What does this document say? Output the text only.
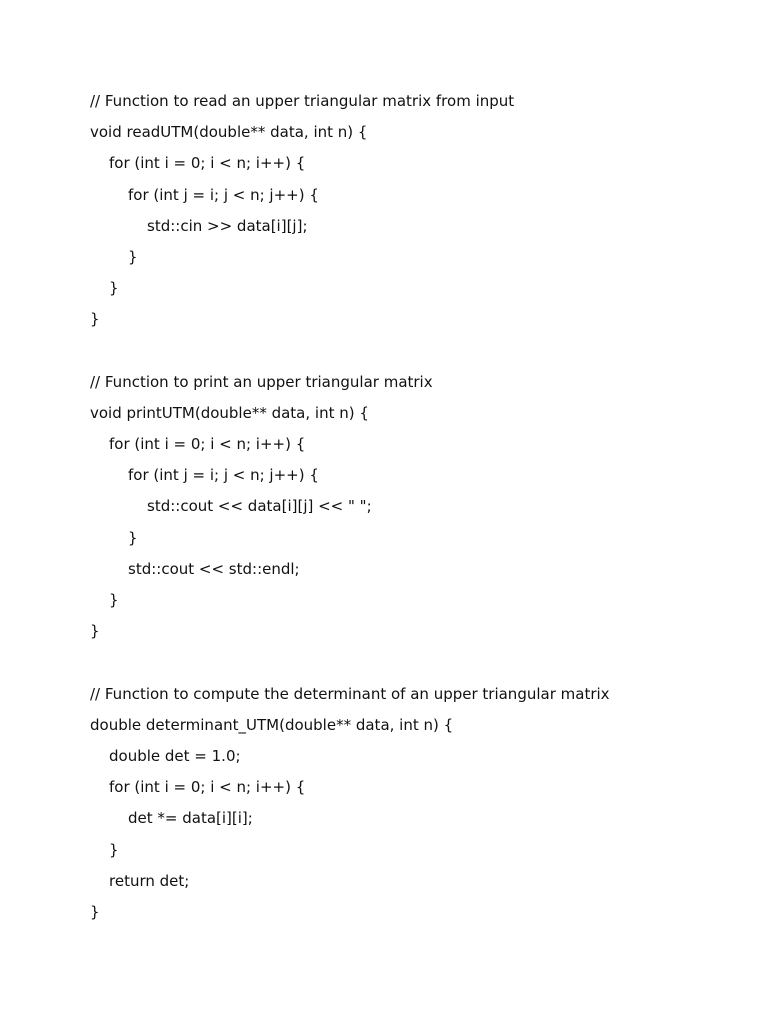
// Function to read an upper triangular matrix from input
void readUTM(double** data, int n) {
for (int i = 0; i < n; i++) {
for (int j = i; j < n; j++) {
std::cin >> data[i][j];
}
}
}
// Function to print an upper triangular matrix
void printUTM(double** data, int n) {
for (int i = 0; i < n; i++) {
for (int j = i; j < n; j++) {
std::cout << data[i][j] << " ";
}
std::cout << std::endl;
}
}
// Function to compute the determinant of an upper triangular matrix
double determinant_UTM(double** data, int n) {
double det = 1.0;
for (int i = 0; i < n; i++) {
det *= data[i][i];
}
return det;
}
